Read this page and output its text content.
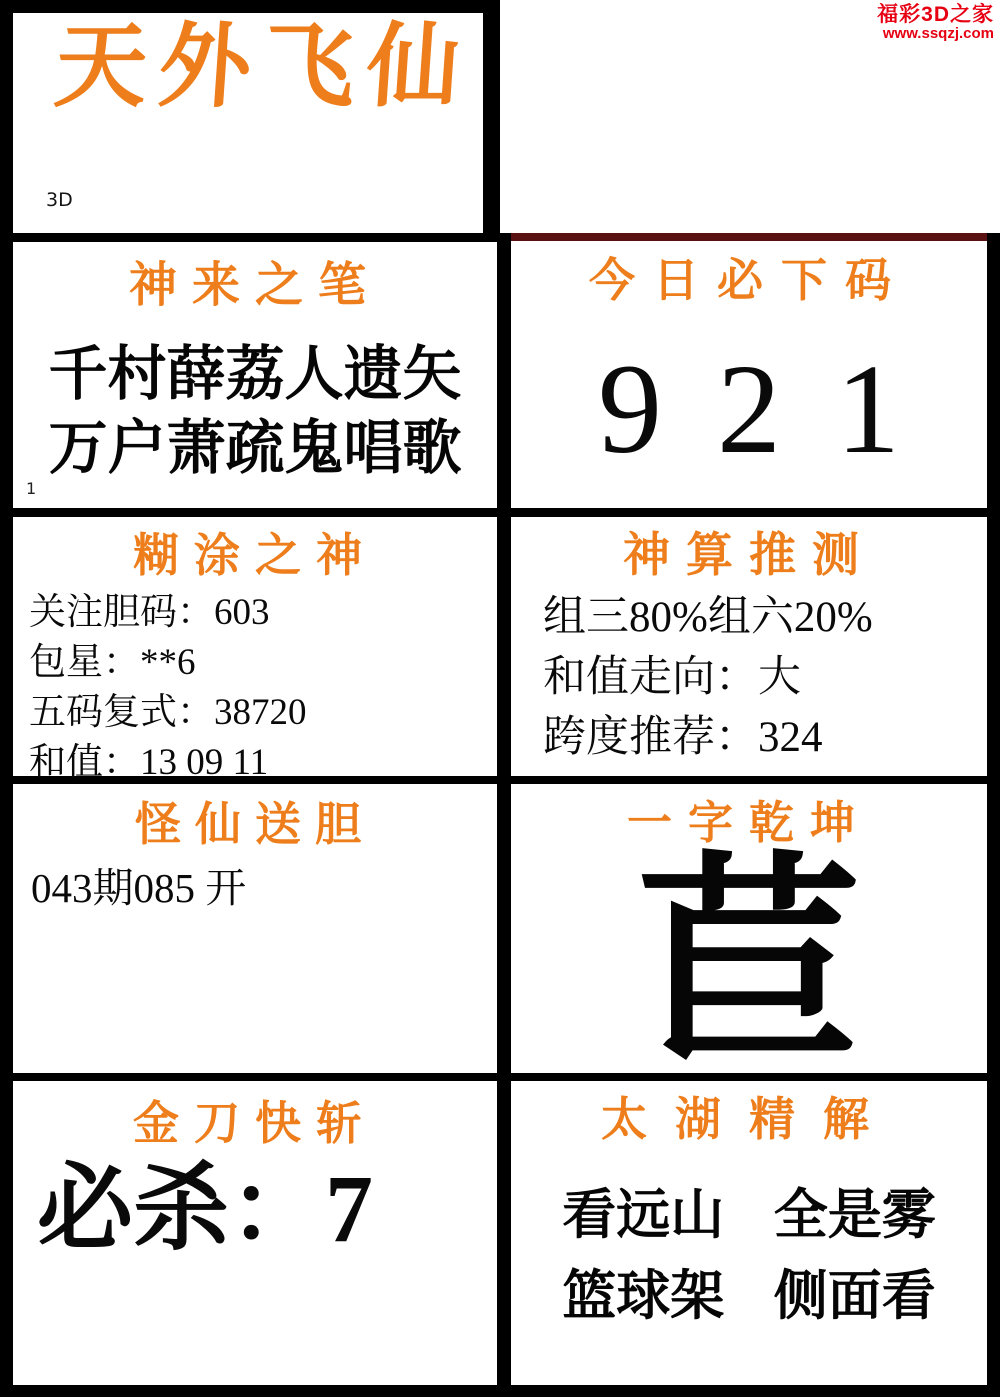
天外飞仙
3D
福彩3D之家
www.ssqzj.com
神来之笔
千村薛荔人遗矢
万户萧疏鬼唱歌
1
今日必下码
921
糊涂之神
关注胆码：603
包星：**6
五码复式：38720
和值：13 09 11
神算推测
组三80%组六20%
和值走向：大
跨度推荐：324
怪仙送胆
043期085 开
一字乾坤
苣
金刀快斩
必杀：7
太湖精解
看远山 全是雾
篮球架 侧面看
